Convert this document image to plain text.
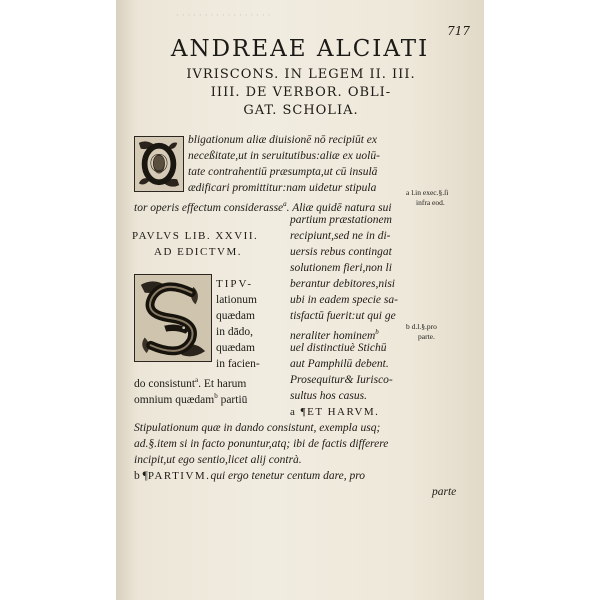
· · · · · · · · · · · · · · · · ·
717
ANDREAE ALCIATI
IVRISCONS. IN LEGEM II. III.
IIII. DE VERBOR. OBLI-
GAT. SCHOLIA.
O
bligationum aliæ diuisionē nō recipiūt ex
neceßitate,ut in seruitutibus:aliæ ex uolū-
tate contrahentiū præsumpta,ut cū insulā
ædificari promittitur:nam uidetur stipula
tor operis effectum considerasse$^a$. Aliæ quidē natura sui
a l.in exec.§.ſi
infra eod.
partium præstationem
recipiunt,sed ne in di-
uersis rebus contingat
solutionem fieri,non li
berantur debitores,nisi
ubi in eadem specie sa-
tisfactū fuerit:ut qui ge
neraliter hominem$^b$
uel distinctiuè Stichū
aut Pamphilū debent.
Prosequitur& Iurisco-
sultus hos casus.
b d.l.§.pro
parte.
PAVLVS LIB. XXVII.
AD EDICTVM.
S
TIPV-
lationum
quædam
in dādo,
quædam
in facien-
do consistunt$^a$. Et harum
omnium quædam$^b$ partiū
a ¶ET HARVM.
Stipulationum quæ in dando consistunt, exempla usq;
ad.§.item si in facto ponuntur,atq; ibi de factis differere
incipit,ut ego sentio,licet alij contrà.
b ¶PARTIVM.qui ergo tenetur centum dare, pro
parte
